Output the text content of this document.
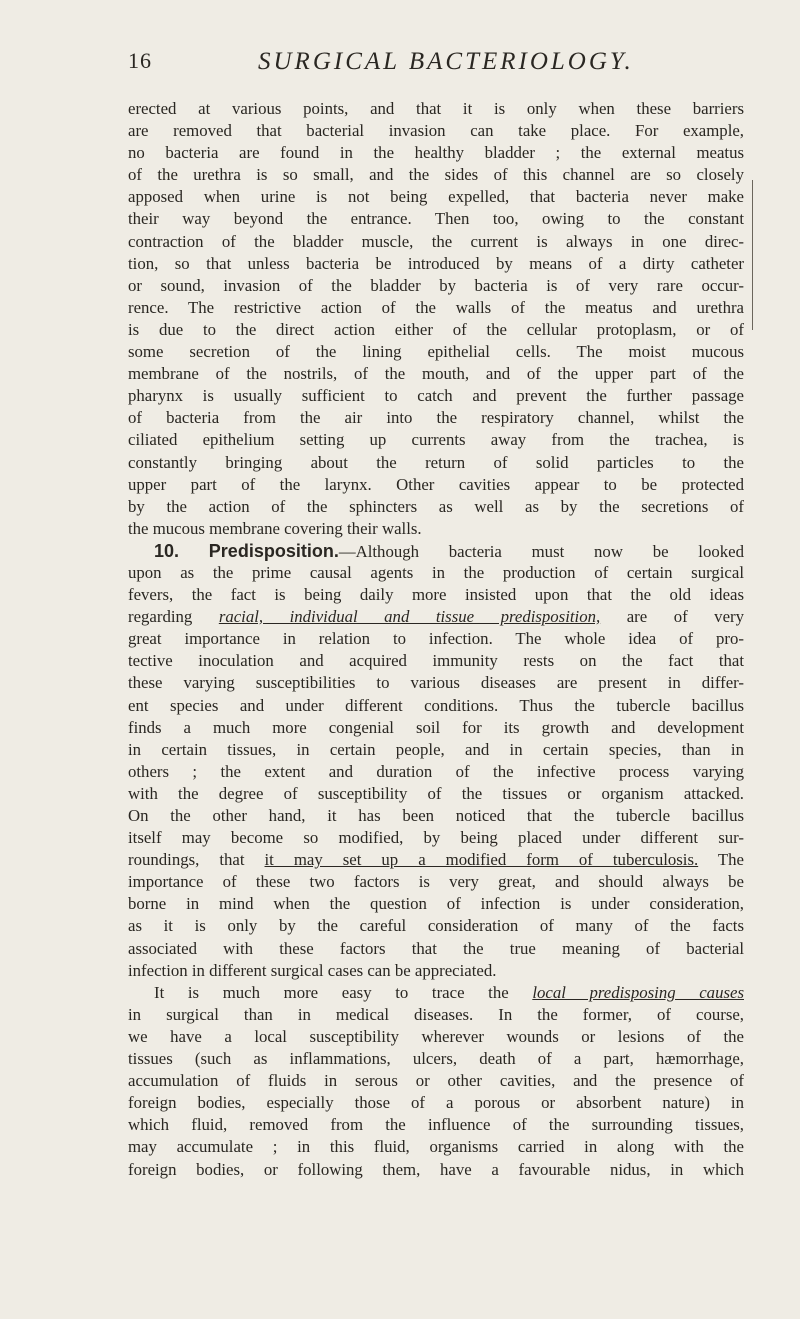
16	SURGICAL BACTERIOLOGY.
erected at various points, and that it is only when these barriers
are removed that bacterial invasion can take place. For example,
no bacteria are found in the healthy bladder ; the external meatus
of the urethra is so small, and the sides of this channel are so closely
apposed when urine is not being expelled, that bacteria never make
their way beyond the entrance. Then too, owing to the constant
contraction of the bladder muscle, the current is always in one direc-
tion, so that unless bacteria be introduced by means of a dirty catheter
or sound, invasion of the bladder by bacteria is of very rare occur-
rence. The restrictive action of the walls of the meatus and urethra
is due to the direct action either of the cellular protoplasm, or of
some secretion of the lining epithelial cells. The moist mucous
membrane of the nostrils, of the mouth, and of the upper part of the
pharynx is usually sufficient to catch and prevent the further passage
of bacteria from the air into the respiratory channel, whilst the
ciliated epithelium setting up currents away from the trachea, is
constantly bringing about the return of solid particles to the
upper part of the larynx. Other cavities appear to be protected
by the action of the sphincters as well as by the secretions of
the mucous membrane covering their walls.
10. Predisposition.—Although bacteria must now be looked
upon as the prime causal agents in the production of certain surgical
fevers, the fact is being daily more insisted upon that the old ideas
regarding racial, individual and tissue predisposition, are of very
great importance in relation to infection. The whole idea of pro-
tective inoculation and acquired immunity rests on the fact that
these varying susceptibilities to various diseases are present in differ-
ent species and under different conditions. Thus the tubercle bacillus
finds a much more congenial soil for its growth and development
in certain tissues, in certain people, and in certain species, than in
others ; the extent and duration of the infective process varying
with the degree of susceptibility of the tissues or organism attacked.
On the other hand, it has been noticed that the tubercle bacillus
itself may become so modified, by being placed under different sur-
roundings, that it may set up a modified form of tuberculosis. The
importance of these two factors is very great, and should always be
borne in mind when the question of infection is under consideration,
as it is only by the careful consideration of many of the facts
associated with these factors that the true meaning of bacterial
infection in different surgical cases can be appreciated.
It is much more easy to trace the local predisposing causes
in surgical than in medical diseases. In the former, of course,
we have a local susceptibility wherever wounds or lesions of the
tissues (such as inflammations, ulcers, death of a part, hæmorrhage,
accumulation of fluids in serous or other cavities, and the presence of
foreign bodies, especially those of a porous or absorbent nature) in
which fluid, removed from the influence of the surrounding tissues,
may accumulate ; in this fluid, organisms carried in along with the
foreign bodies, or following them, have a favourable nidus, in which
